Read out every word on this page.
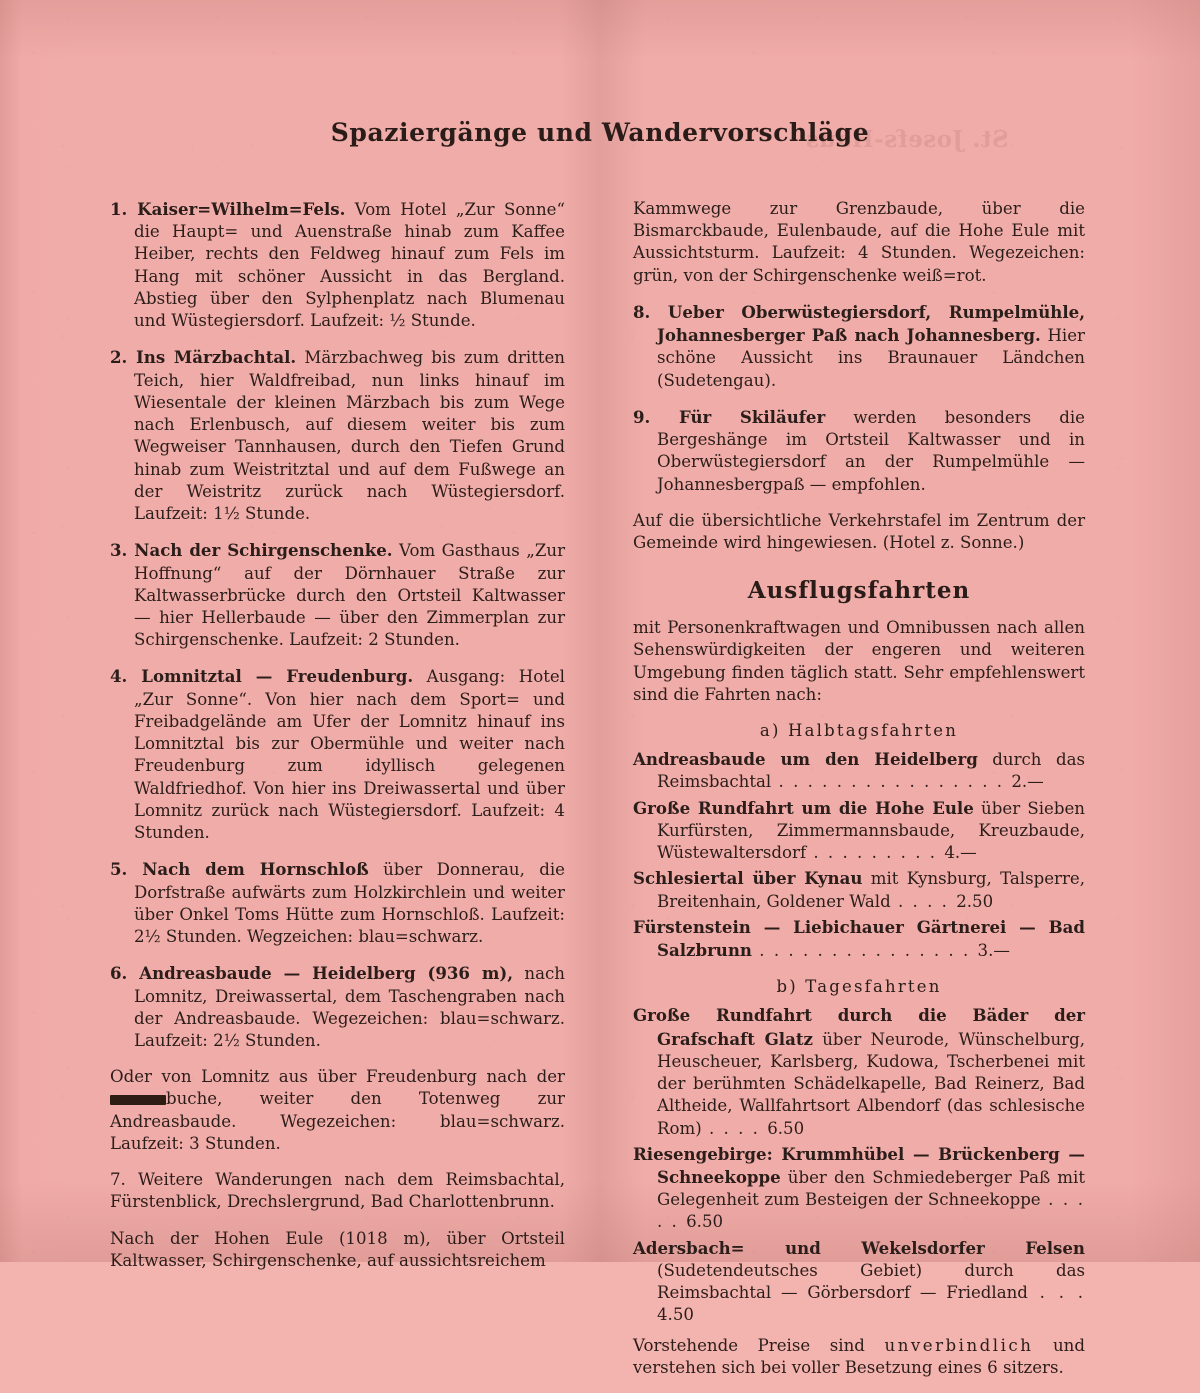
St. Josefs-Haus
Spaziergänge und Wandervorschläge

1. Kaiser=Wilhelm=Fels. Vom Hotel „Zur Sonne“ die Haupt= und Auenstraße hinab zum Kaffee Heiber, rechts den Feldweg hinauf zum Fels im Hang mit schöner Aussicht in das Bergland. Abstieg über den Sylphenplatz nach Blumenau und Wüstegiersdorf. Laufzeit: ½ Stunde.

2. Ins Märzbachtal. Märzbachweg bis zum dritten Teich, hier Waldfreibad, nun links hinauf im Wiesentale der kleinen Märzbach bis zum Wege nach Erlenbusch, auf diesem weiter bis zum Wegweiser Tannhausen, durch den Tiefen Grund hinab zum Weistritztal und auf dem Fußwege an der Weistritz zurück nach Wüstegiersdorf. Laufzeit: 1½ Stunde.

3. Nach der Schirgenschenke. Vom Gasthaus „Zur Hoffnung“ auf der Dörnhauer Straße zur Kaltwasserbrücke durch den Ortsteil Kaltwasser — hier Hellerbaude — über den Zimmerplan zur Schirgenschenke. Laufzeit: 2 Stunden.

4. Lomnitztal — Freudenburg. Ausgang: Hotel „Zur Sonne“. Von hier nach dem Sport= und Freibadgelände am Ufer der Lomnitz hinauf ins Lomnitztal bis zur Obermühle und weiter nach Freudenburg zum idyllisch gelegenen Waldfriedhof. Von hier ins Dreiwassertal und über Lomnitz zurück nach Wüstegiersdorf. Laufzeit: 4 Stunden.

5. Nach dem Hornschloß über Donnerau, die Dorfstraße aufwärts zum Holzkirchlein und weiter über Onkel Toms Hütte zum Hornschloß. Laufzeit: 2½ Stunden. Wegzeichen: blau=schwarz.

6. Andreasbaude — Heidelberg (936 m), nach Lomnitz, Dreiwassertal, dem Taschengraben nach der Andreasbaude. Wegezeichen: blau=schwarz. Laufzeit: 2½ Stunden.

Oder von Lomnitz aus über Freudenburg nach der buche, weiter den Totenweg zur Andreasbaude. Wegezeichen: blau=schwarz. Laufzeit: 3 Stunden.

7. Weitere Wanderungen nach dem Reimsbachtal, Fürstenblick, Drechslergrund, Bad Charlottenbrunn.

Nach der Hohen Eule (1018 m), über Ortsteil Kaltwasser, Schirgenschenke, auf aussichtsreichem

Kammwege zur Grenzbaude, über die Bismarckbaude, Eulenbaude, auf die Hohe Eule mit Aussichtsturm. Laufzeit: 4 Stunden. Wegezeichen: grün, von der Schirgenschenke weiß=rot.

8. Ueber Oberwüstegiersdorf, Rumpelmühle, Johannesberger Paß nach Johannesberg. Hier schöne Aussicht ins Braunauer Ländchen (Sudetengau).

9. Für Skiläufer werden besonders die Bergeshänge im Ortsteil Kaltwasser und in Oberwüstegiersdorf an der Rumpelmühle — Johannesbergpaß — empfohlen.

Auf die übersichtliche Verkehrstafel im Zentrum der Gemeinde wird hingewiesen. (Hotel z. Sonne.)

Ausflugsfahrten

mit Personenkraftwagen und Omnibussen nach allen Sehenswürdigkeiten der engeren und weiteren Umgebung finden täglich statt. Sehr empfehlenswert sind die Fahrten nach:

a) Halbtagsfahrten
Andreasbaude um den Heidelberg durch das Reimsbachtal . . . . . . . . . . . . . . . . 2.—
Große Rundfahrt um die Hohe Eule über Sieben Kurfürsten, Zimmermannsbaude, Kreuzbaude, Wüstewaltersdorf . . . . . . . . . 4.—
Schlesiertal über Kynau mit Kynsburg, Talsperre, Breitenhain, Goldener Wald . . . . 2.50
Fürstenstein — Liebichauer Gärtnerei — Bad Salzbrunn . . . . . . . . . . . . . . . 3.—
b) Tagesfahrten
Große Rundfahrt durch die Bäder der Grafschaft Glatz über Neurode, Wünschelburg, Heuscheuer, Karlsberg, Kudowa, Tscherbenei mit der berühmten Schädelkapelle, Bad Reinerz, Bad Altheide, Wallfahrtsort Albendorf (das schlesische Rom) . . . . 6.50
Riesengebirge: Krummhübel — Brückenberg — Schneekoppe über den Schmiedeberger Paß mit Gelegenheit zum Besteigen der Schneekoppe . . . . . 6.50
Adersbach= und Wekelsdorfer Felsen (Sudetendeutsches Gebiet) durch das Reimsbachtal — Görbersdorf — Friedland . . . 4.50

Vorstehende Preise sind unverbindlich und verstehen sich bei voller Besetzung eines 6 sitzers.
